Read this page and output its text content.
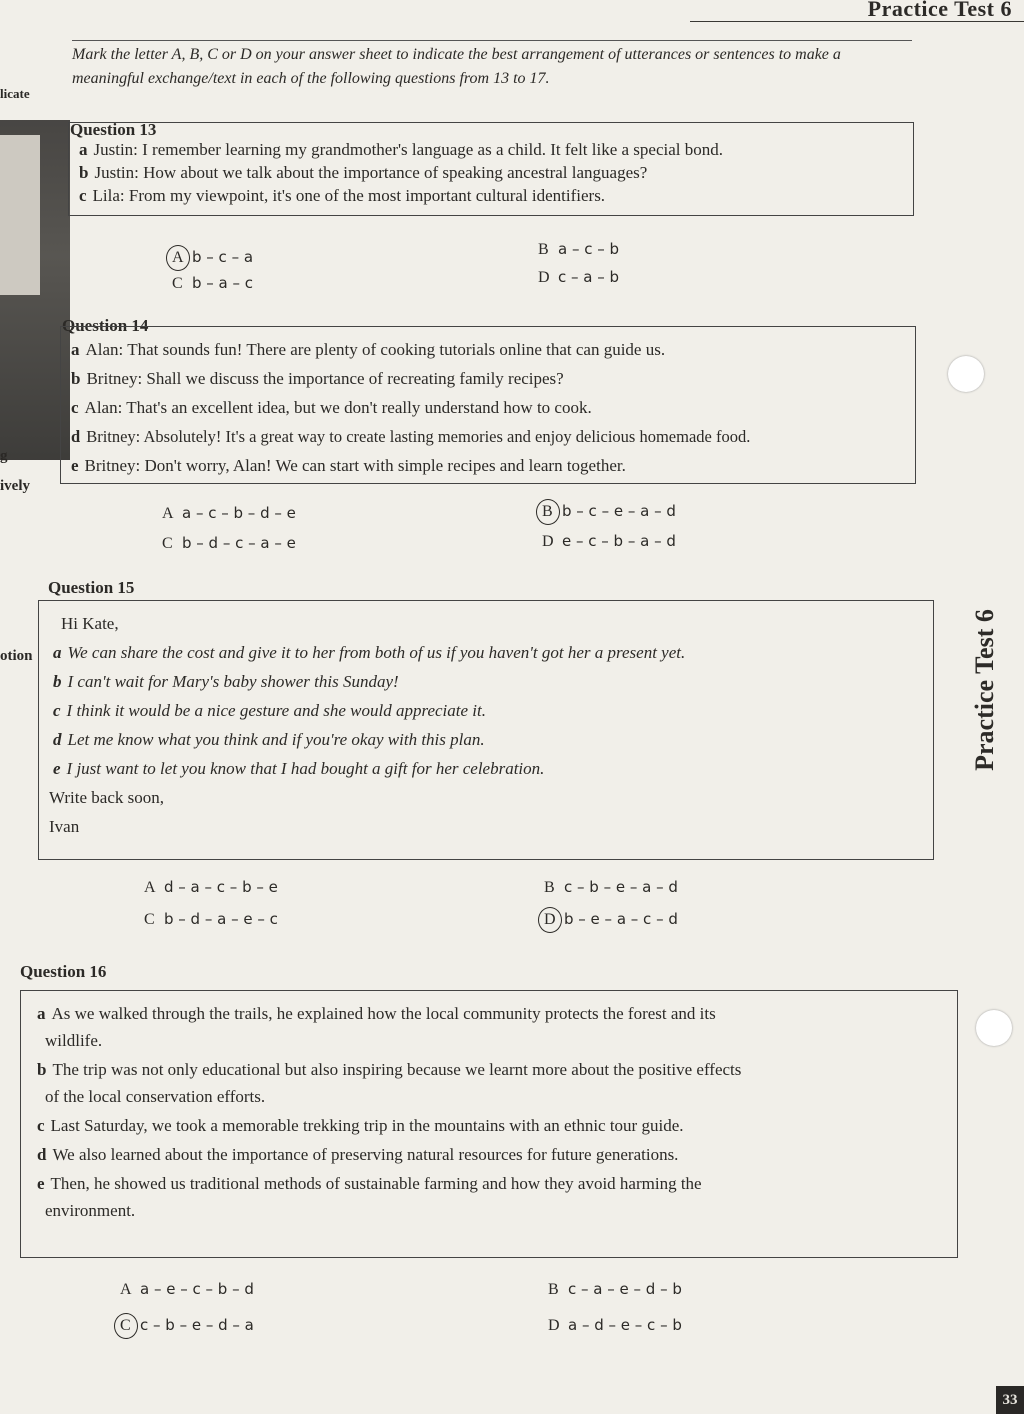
Practice Test 6
licate
g
ively
otion
Mark the letter A, B, C or D on your answer sheet to indicate the best arrangement of utterances or sentences to make a meaningful exchange/text in each of the following questions from 13 to 17.
Question 13
a Justin: I remember learning my grandmother's language as a child. It felt like a special bond.
b Justin: How about we talk about the importance of speaking ancestral languages?
c Lila: From my viewpoint, it's one of the most important cultural identifiers.
A b – c – a	B a – c – b
C b – a – c	D c – a – b
Question 14
a Alan: That sounds fun! There are plenty of cooking tutorials online that can guide us.
b Britney: Shall we discuss the importance of recreating family recipes?
c Alan: That's an excellent idea, but we don't really understand how to cook.
d Britney: Absolutely! It's a great way to create lasting memories and enjoy delicious homemade food.
e Britney: Don't worry, Alan! We can start with simple recipes and learn together.
A a – c – b – d – e	B b – c – e – a – d
C b – d – c – a – e	D e – c – b – a – d
Question 15
Hi Kate,
a We can share the cost and give it to her from both of us if you haven't got her a present yet.
b I can't wait for Mary's baby shower this Sunday!
c I think it would be a nice gesture and she would appreciate it.
d Let me know what you think and if you're okay with this plan.
e I just want to let you know that I had bought a gift for her celebration.
Write back soon,
Ivan
A d – a – c – b – e	B c – b – e – a – d
C b – d – a – e – c	D b – e – a – c – d
Question 16
a As we walked through the trails, he explained how the local community protects the forest and its
wildlife.
b The trip was not only educational but also inspiring because we learnt more about the positive effects
of the local conservation efforts.
c Last Saturday, we took a memorable trekking trip in the mountains with an ethnic tour guide.
d We also learned about the importance of preserving natural resources for future generations.
e Then, he showed us traditional methods of sustainable farming and how they avoid harming the
environment.
A a – e – c – b – d	B c – a – e – d – b
C c – b – e – d – a	D a – d – e – c – b
Practice Test 6
33
